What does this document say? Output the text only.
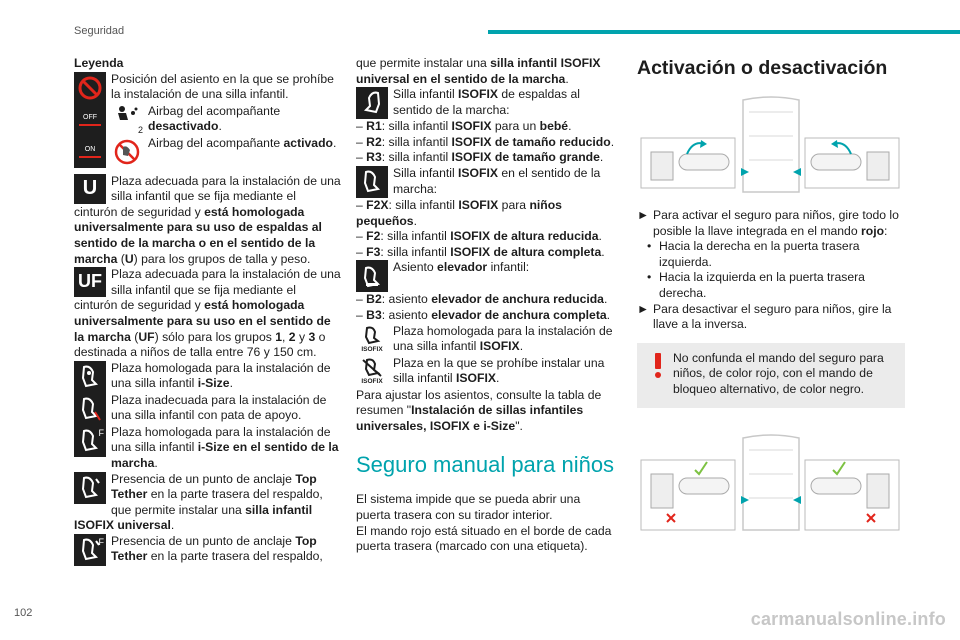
Seguridad

Leyenda

Posición del asiento en la que se prohíbe la instalación de una silla infantil.
OFF
2
Airbag del acompañante
desactivado.
ON	Airbag del acompañante activado.
U Plaza adecuada para la instalación de una silla infantil que se fija mediante el cinturón de seguridad y está homologada universalmente para su uso de espaldas al sentido de la marcha o en el sentido de la marcha (U) para los grupos de talla y peso.
UF Plaza adecuada para la instalación de una silla infantil que se fija mediante el cinturón de seguridad y está homologada universalmente para su uso en el sentido de la marcha (UF) sólo para los grupos 1, 2 y 3 o destinada a niños de talla entre 76 y 150 cm.
Plaza homologada para la instalación de una silla infantil i-Size.
Plaza inadecuada para la instalación de una silla infantil con pata de apoyo.
F Plaza homologada para la instalación de una silla infantil i-Size en el sentido de la marcha.
Presencia de un punto de anclaje Top Tether en la parte trasera del respaldo, que permite instalar una silla infantil ISOFIX universal.
F Presencia de un punto de anclaje Top Tether en la parte trasera del respaldo,

que permite instalar una silla infantil ISOFIX universal en el sentido de la marcha.

Silla infantil ISOFIX de espaldas al sentido de la marcha:
– R1: silla infantil ISOFIX para un bebé.
– R2: silla infantil ISOFIX de tamaño reducido.
– R3: silla infantil ISOFIX de tamaño grande.
Silla infantil ISOFIX en el sentido de la marcha:
– F2X: silla infantil ISOFIX para niños pequeños.
– F2: silla infantil ISOFIX de altura reducida.
– F3: silla infantil ISOFIX de altura completa.
Asiento elevador infantil:
– B2: asiento elevador de anchura reducida.
– B3: asiento elevador de anchura completa.
ISOFIX
Plaza homologada para la instalación de una silla infantil ISOFIX.
ISOFIX
Plaza en la que se prohíbe instalar una silla infantil ISOFIX.

Para ajustar los asientos, consulte la tabla de resumen "Instalación de sillas infantiles universales, ISOFIX e i-Size".

Seguro manual para niños

El sistema impide que se pueda abrir una puerta trasera con su tirador interior.

El mando rojo está situado en el borde de cada puerta trasera (marcado con una etiqueta).

Activación o desactivación
► Para activar el seguro para niños, gire todo lo posible la llave integrada en el mando rojo:
• Hacia la derecha en la puerta trasera izquierda.
• Hacia la izquierda en la puerta trasera derecha.
► Para desactivar el seguro para niños, gire la llave a la inversa.
No confunda el mando del seguro para niños, de color rojo, con el mando de bloqueo alternativo, de color negro.
102	carmanualsonline.info
